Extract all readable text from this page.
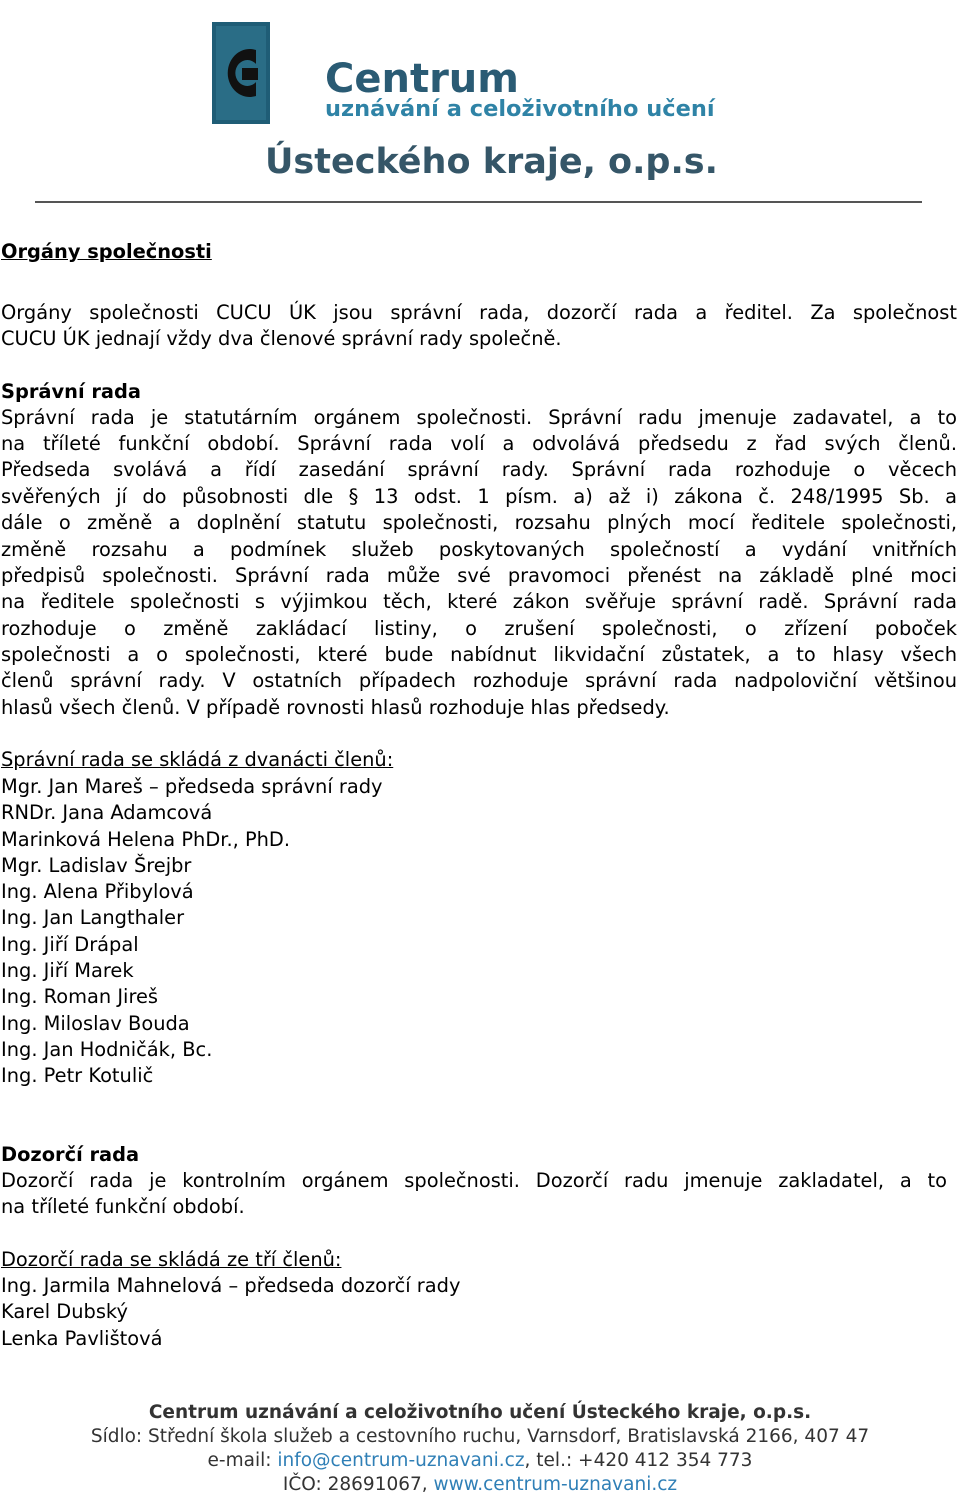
Centrum
uznávání a celoživotního učení
Ústeckého kraje, o.p.s.
Orgány společnosti
Orgány společnosti CUCU ÚK jsou správní rada, dozorčí rada a ředitel. Za společnost
CUCU ÚK jednají vždy dva členové správní rady společně.
Správní rada
Správní rada je statutárním orgánem společnosti. Správní radu jmenuje zadavatel, a to
na tříleté funkční období. Správní rada volí a odvolává předsedu z řad svých členů.
Předseda svolává a řídí zasedání správní rady. Správní rada rozhoduje o věcech
svěřených jí do působnosti dle § 13 odst. 1 písm. a) až i) zákona č. 248/1995 Sb. a
dále o změně a doplnění statutu společnosti, rozsahu plných mocí ředitele společnosti,
změně rozsahu a podmínek služeb poskytovaných společností a vydání vnitřních
předpisů společnosti. Správní rada může své pravomoci přenést na základě plné moci
na ředitele společnosti s výjimkou těch, které zákon svěřuje správní radě. Správní rada
rozhoduje o změně zakládací listiny, o zrušení společnosti, o zřízení poboček
společnosti a o společnosti, které bude nabídnut likvidační zůstatek, a to hlasy všech
členů správní rady. V ostatních případech rozhoduje správní rada nadpoloviční většinou
hlasů všech členů. V případě rovnosti hlasů rozhoduje hlas předsedy.
Správní rada se skládá z dvanácti členů:
Mgr. Jan Mareš – předseda správní rady
RNDr. Jana Adamcová
Marinková Helena PhDr., PhD.
Mgr. Ladislav Šrejbr
Ing. Alena Přibylová
Ing. Jan Langthaler
Ing. Jiří Drápal
Ing. Jiří Marek
Ing. Roman Jireš
Ing. Miloslav Bouda
Ing. Jan Hodničák, Bc.
Ing. Petr Kotulič
Dozorčí rada
Dozorčí rada je kontrolním orgánem společnosti. Dozorčí radu jmenuje zakladatel, a to
na tříleté funkční období.
Dozorčí rada se skládá ze tří členů:
Ing. Jarmila Mahnelová – předseda dozorčí rady
Karel Dubský
Lenka Pavlištová
Centrum uznávání a celoživotního učení Ústeckého kraje, o.p.s.
Sídlo: Střední škola služeb a cestovního ruchu, Varnsdorf, Bratislavská 2166, 407 47
e-mail: info@centrum-uznavani.cz, tel.: +420 412 354 773
IČO: 28691067, www.centrum-uznavani.cz
